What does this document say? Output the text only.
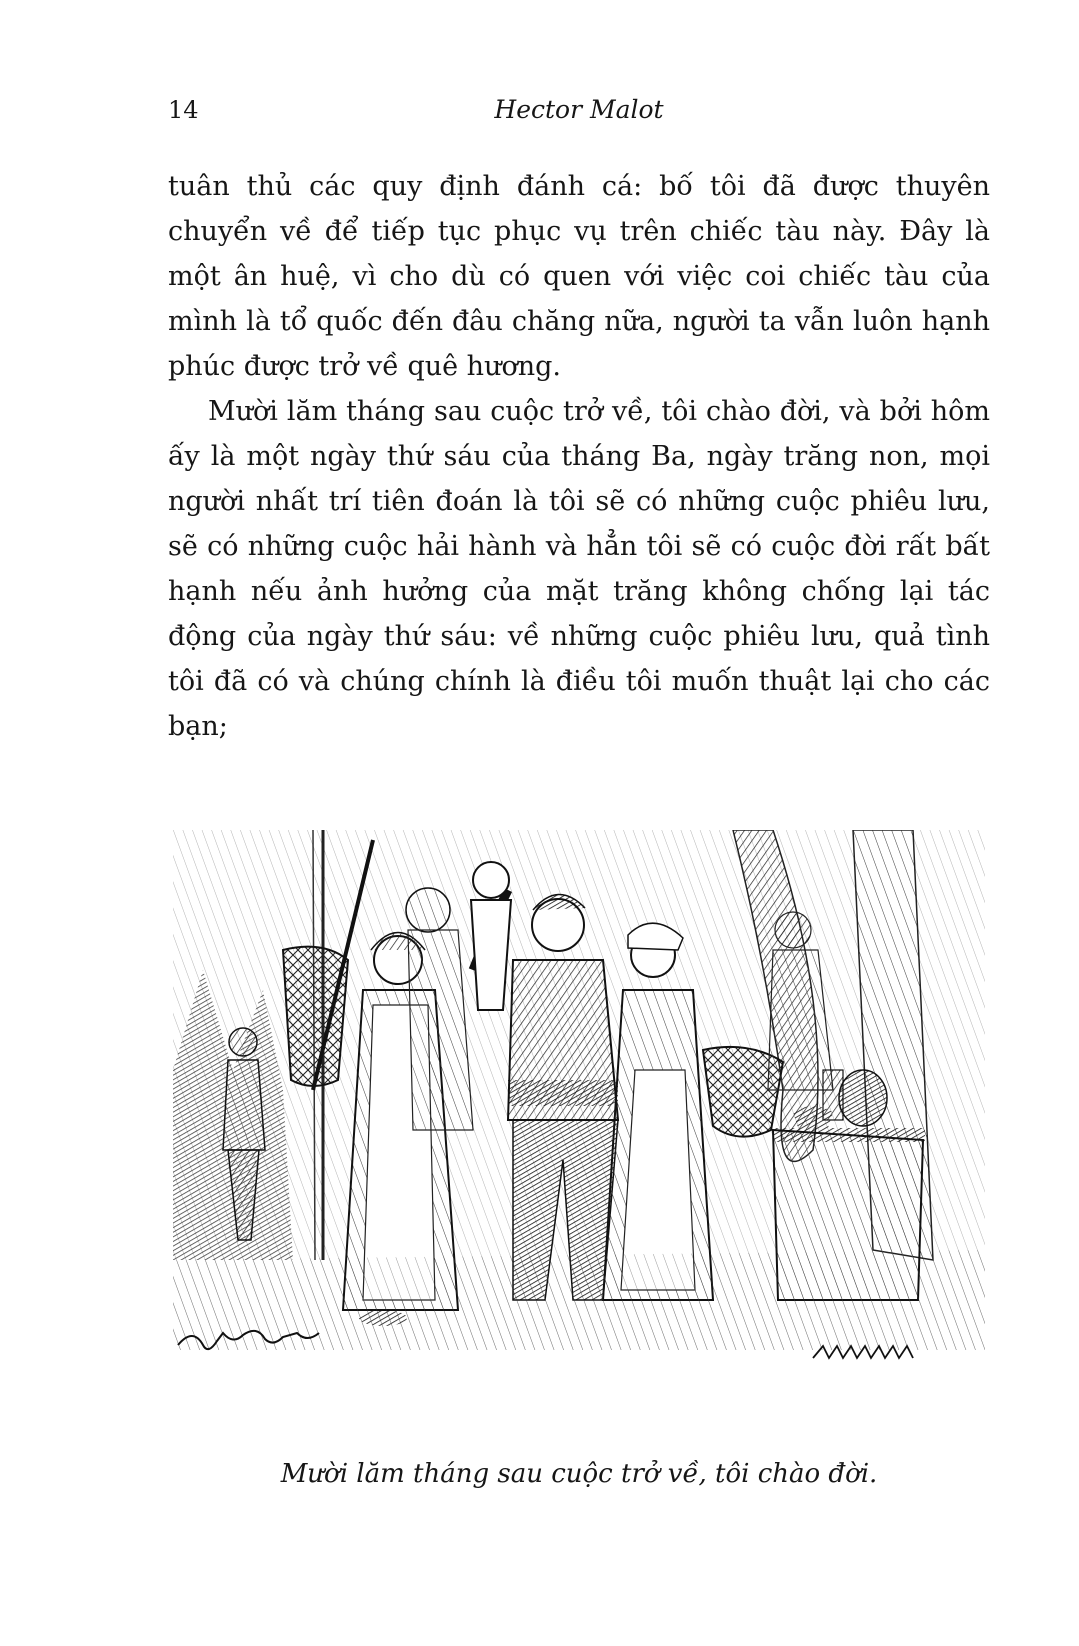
14	Hector Malot

tuân thủ các quy định đánh cá: bố tôi đã được thuyên chuyển về để tiếp tục phục vụ trên chiếc tàu này. Đây là một ân huệ, vì cho dù có quen với việc coi chiếc tàu của mình là tổ quốc đến đâu chăng nữa, người ta vẫn luôn hạnh phúc được trở về quê hương.

Mười lăm tháng sau cuộc trở về, tôi chào đời, và bởi hôm ấy là một ngày thứ sáu của tháng Ba, ngày trăng non, mọi người nhất trí tiên đoán là tôi sẽ có những cuộc phiêu lưu, sẽ có những cuộc hải hành và hẳn tôi sẽ có cuộc đời rất bất hạnh nếu ảnh hưởng của mặt trăng không chống lại tác động của ngày thứ sáu: về những cuộc phiêu lưu, quả tình tôi đã có và chúng chính là điều tôi muốn thuật lại cho các bạn;

Mười lăm tháng sau cuộc trở về, tôi chào đời.
